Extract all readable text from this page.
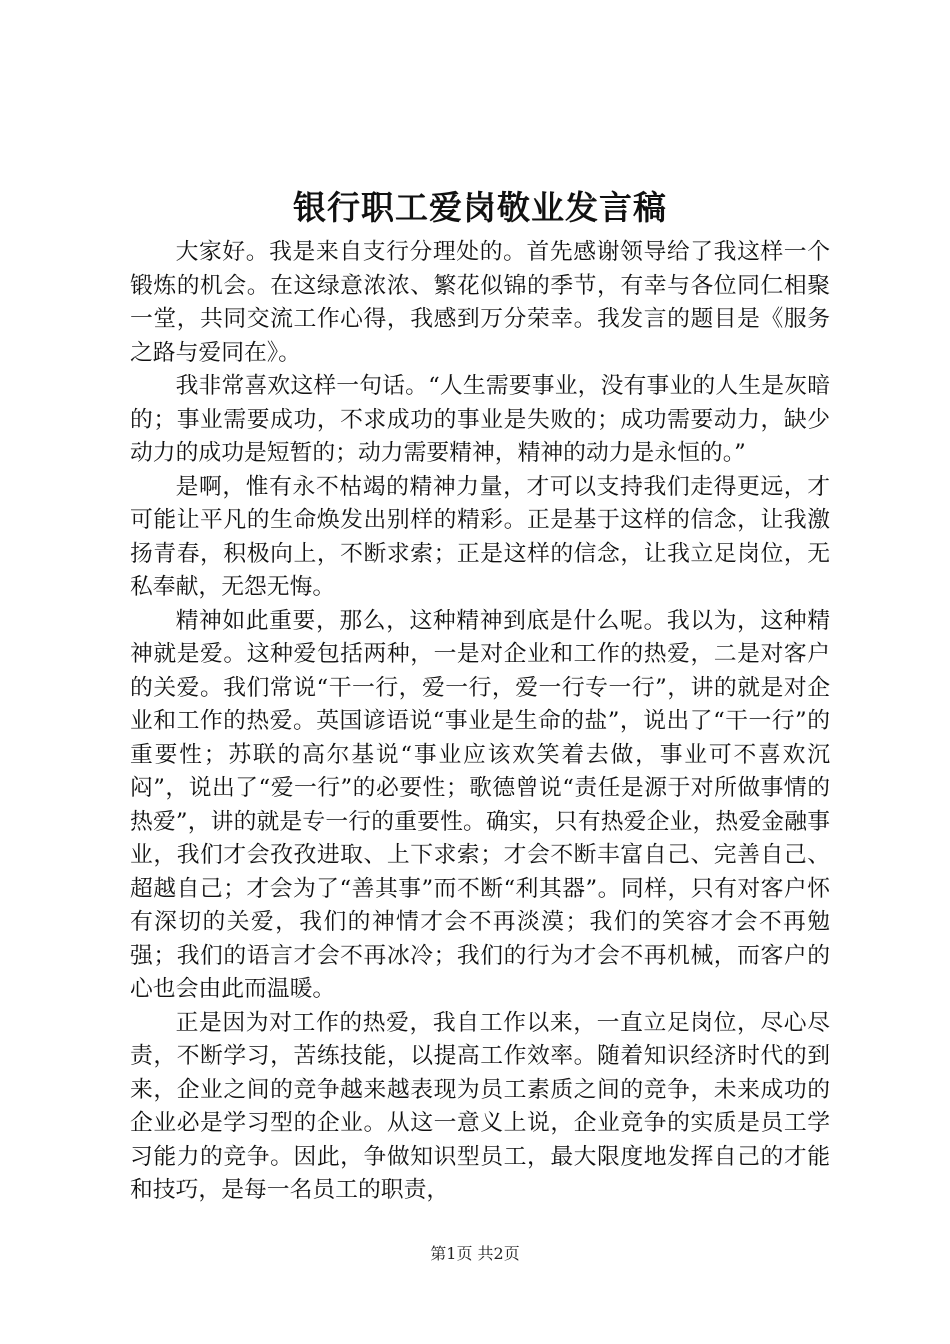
银行职工爱岗敬业发言稿

大家好。我是来自支行分理处的。首先感谢领导给了我这样一个锻炼的机会。在这绿意浓浓、繁花似锦的季节，有幸与各位同仁相聚一堂，共同交流工作心得，我感到万分荣幸。我发言的题目是《服务之路与爱同在》。

我非常喜欢这样一句话。“人生需要事业，没有事业的人生是灰暗的；事业需要成功，不求成功的事业是失败的；成功需要动力，缺少动力的成功是短暂的；动力需要精神，精神的动力是永恒的。”

是啊，惟有永不枯竭的精神力量，才可以支持我们走得更远，才可能让平凡的生命焕发出别样的精彩。正是基于这样的信念，让我激扬青春，积极向上，不断求索；正是这样的信念，让我立足岗位，无私奉献，无怨无悔。

精神如此重要，那么，这种精神到底是什么呢。我以为，这种精神就是爱。这种爱包括两种，一是对企业和工作的热爱，二是对客户的关爱。我们常说“干一行，爱一行，爱一行专一行”，讲的就是对企业和工作的热爱。英国谚语说“事业是生命的盐”，说出了“干一行”的重要性；苏联的高尔基说“事业应该欢笑着去做，事业可不喜欢沉闷”，说出了“爱一行”的必要性；歌德曾说“责任是源于对所做事情的热爱”，讲的就是专一行的重要性。确实，只有热爱企业，热爱金融事业，我们才会孜孜进取、上下求索；才会不断丰富自己、完善自己、超越自己；才会为了“善其事”而不断“利其器”。同样，只有对客户怀有深切的关爱，我们的神情才会不再淡漠；我们的笑容才会不再勉强；我们的语言才会不再冰冷；我们的行为才会不再机械，而客户的心也会由此而温暖。

正是因为对工作的热爱，我自工作以来，一直立足岗位，尽心尽责，不断学习，苦练技能，以提高工作效率。随着知识经济时代的到来，企业之间的竞争越来越表现为员工素质之间的竞争，未来成功的企业必是学习型的企业。从这一意义上说，企业竞争的实质是员工学习能力的竞争。因此，争做知识型员工，最大限度地发挥自己的才能和技巧，是每一名员工的职责，

第1页 共2页
